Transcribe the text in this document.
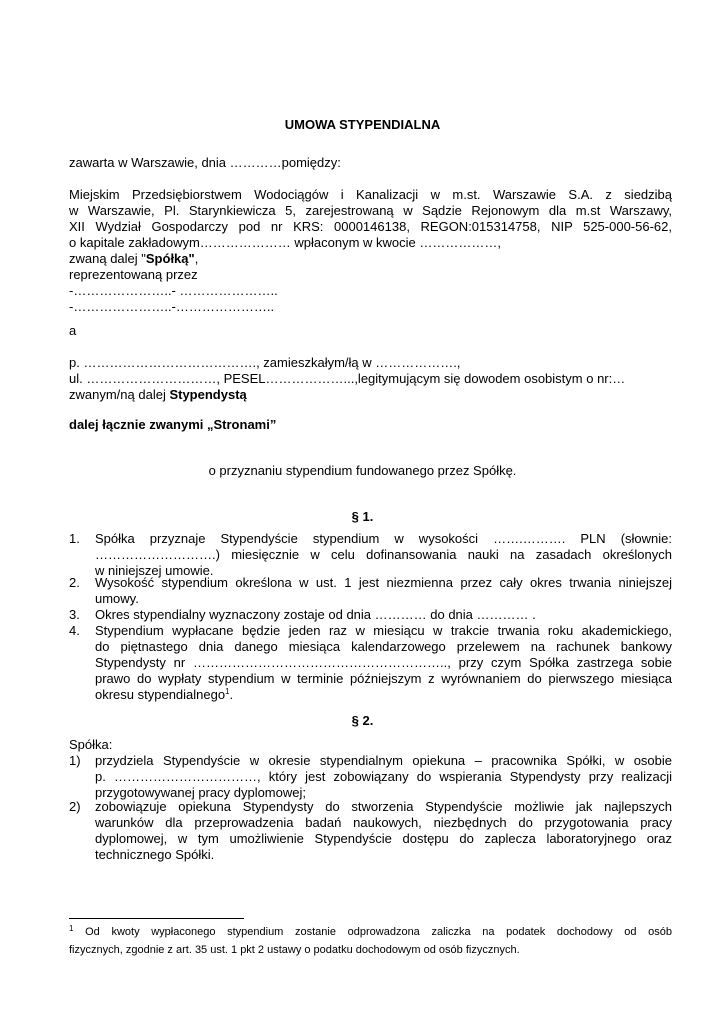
UMOWA STYPENDIALNA
zawarta w Warszawie, dnia …………pomiędzy:
Miejskim Przedsiębiorstwem Wodociągów i Kanalizacji w m.st. Warszawie S.A. z siedzibą
w Warszawie, Pl. Starynkiewicza 5, zarejestrowaną w Sądzie Rejonowym dla m.st Warszawy,
XII Wydział Gospodarczy pod nr KRS: 0000146138, REGON:015314758, NIP 525-000-56-62,
o kapitale zakładowym………………… wpłaconym w kwocie ………………,
zwaną dalej "Spółką",
reprezentowaną przez
-…………………..- …………………..
-…………………..-…………………..
a
p. …………………………………., zamieszkałym/łą w ……………….,
ul. …………………………, PESEL………………...,legitymującym się dowodem osobistym o nr:…
zwanym/ną dalej Stypendystą
dalej łącznie zwanymi „Stronami”
o przyznaniu stypendium fundowanego przez Spółkę.
§ 1.
1. Spółka przyznaje Stypendyście stypendium w wysokości …….………. PLN (słownie:
……………………….) miesięcznie w celu dofinansowania nauki na zasadach określonych
w niniejszej umowie.
2. Wysokość stypendium określona w ust. 1 jest niezmienna przez cały okres trwania niniejszej
umowy.
3. Okres stypendialny wyznaczony zostaje od dnia ………… do dnia ………… .
4. Stypendium wypłacane będzie jeden raz w miesiącu w trakcie trwania roku akademickiego,
do piętnastego dnia danego miesiąca kalendarzowego przelewem na rachunek bankowy
Stypendysty nr ………………………………………………….., przy czym Spółka zastrzega sobie
prawo do wypłaty stypendium w terminie późniejszym z wyrównaniem do pierwszego miesiąca
okresu stypendialnego$^1$.
§ 2.
Spółka:
1) przydziela Stypendyście w okresie stypendialnym opiekuna – pracownika Spółki, w osobie
p. ……………………………, który jest zobowiązany do wspierania Stypendysty przy realizacji
przygotowywanej pracy dyplomowej;
2) zobowiązuje opiekuna Stypendysty do stworzenia Stypendyście możliwie jak najlepszych
warunków dla przeprowadzenia badań naukowych, niezbędnych do przygotowania pracy
dyplomowej, w tym umożliwienie Stypendyście dostępu do zaplecza laboratoryjnego oraz
technicznego Spółki.
$^1$ Od kwoty wypłaconego stypendium zostanie odprowadzona zaliczka na podatek dochodowy od osób
fizycznych, zgodnie z art. 35 ust. 1 pkt 2 ustawy o podatku dochodowym od osób fizycznych.
